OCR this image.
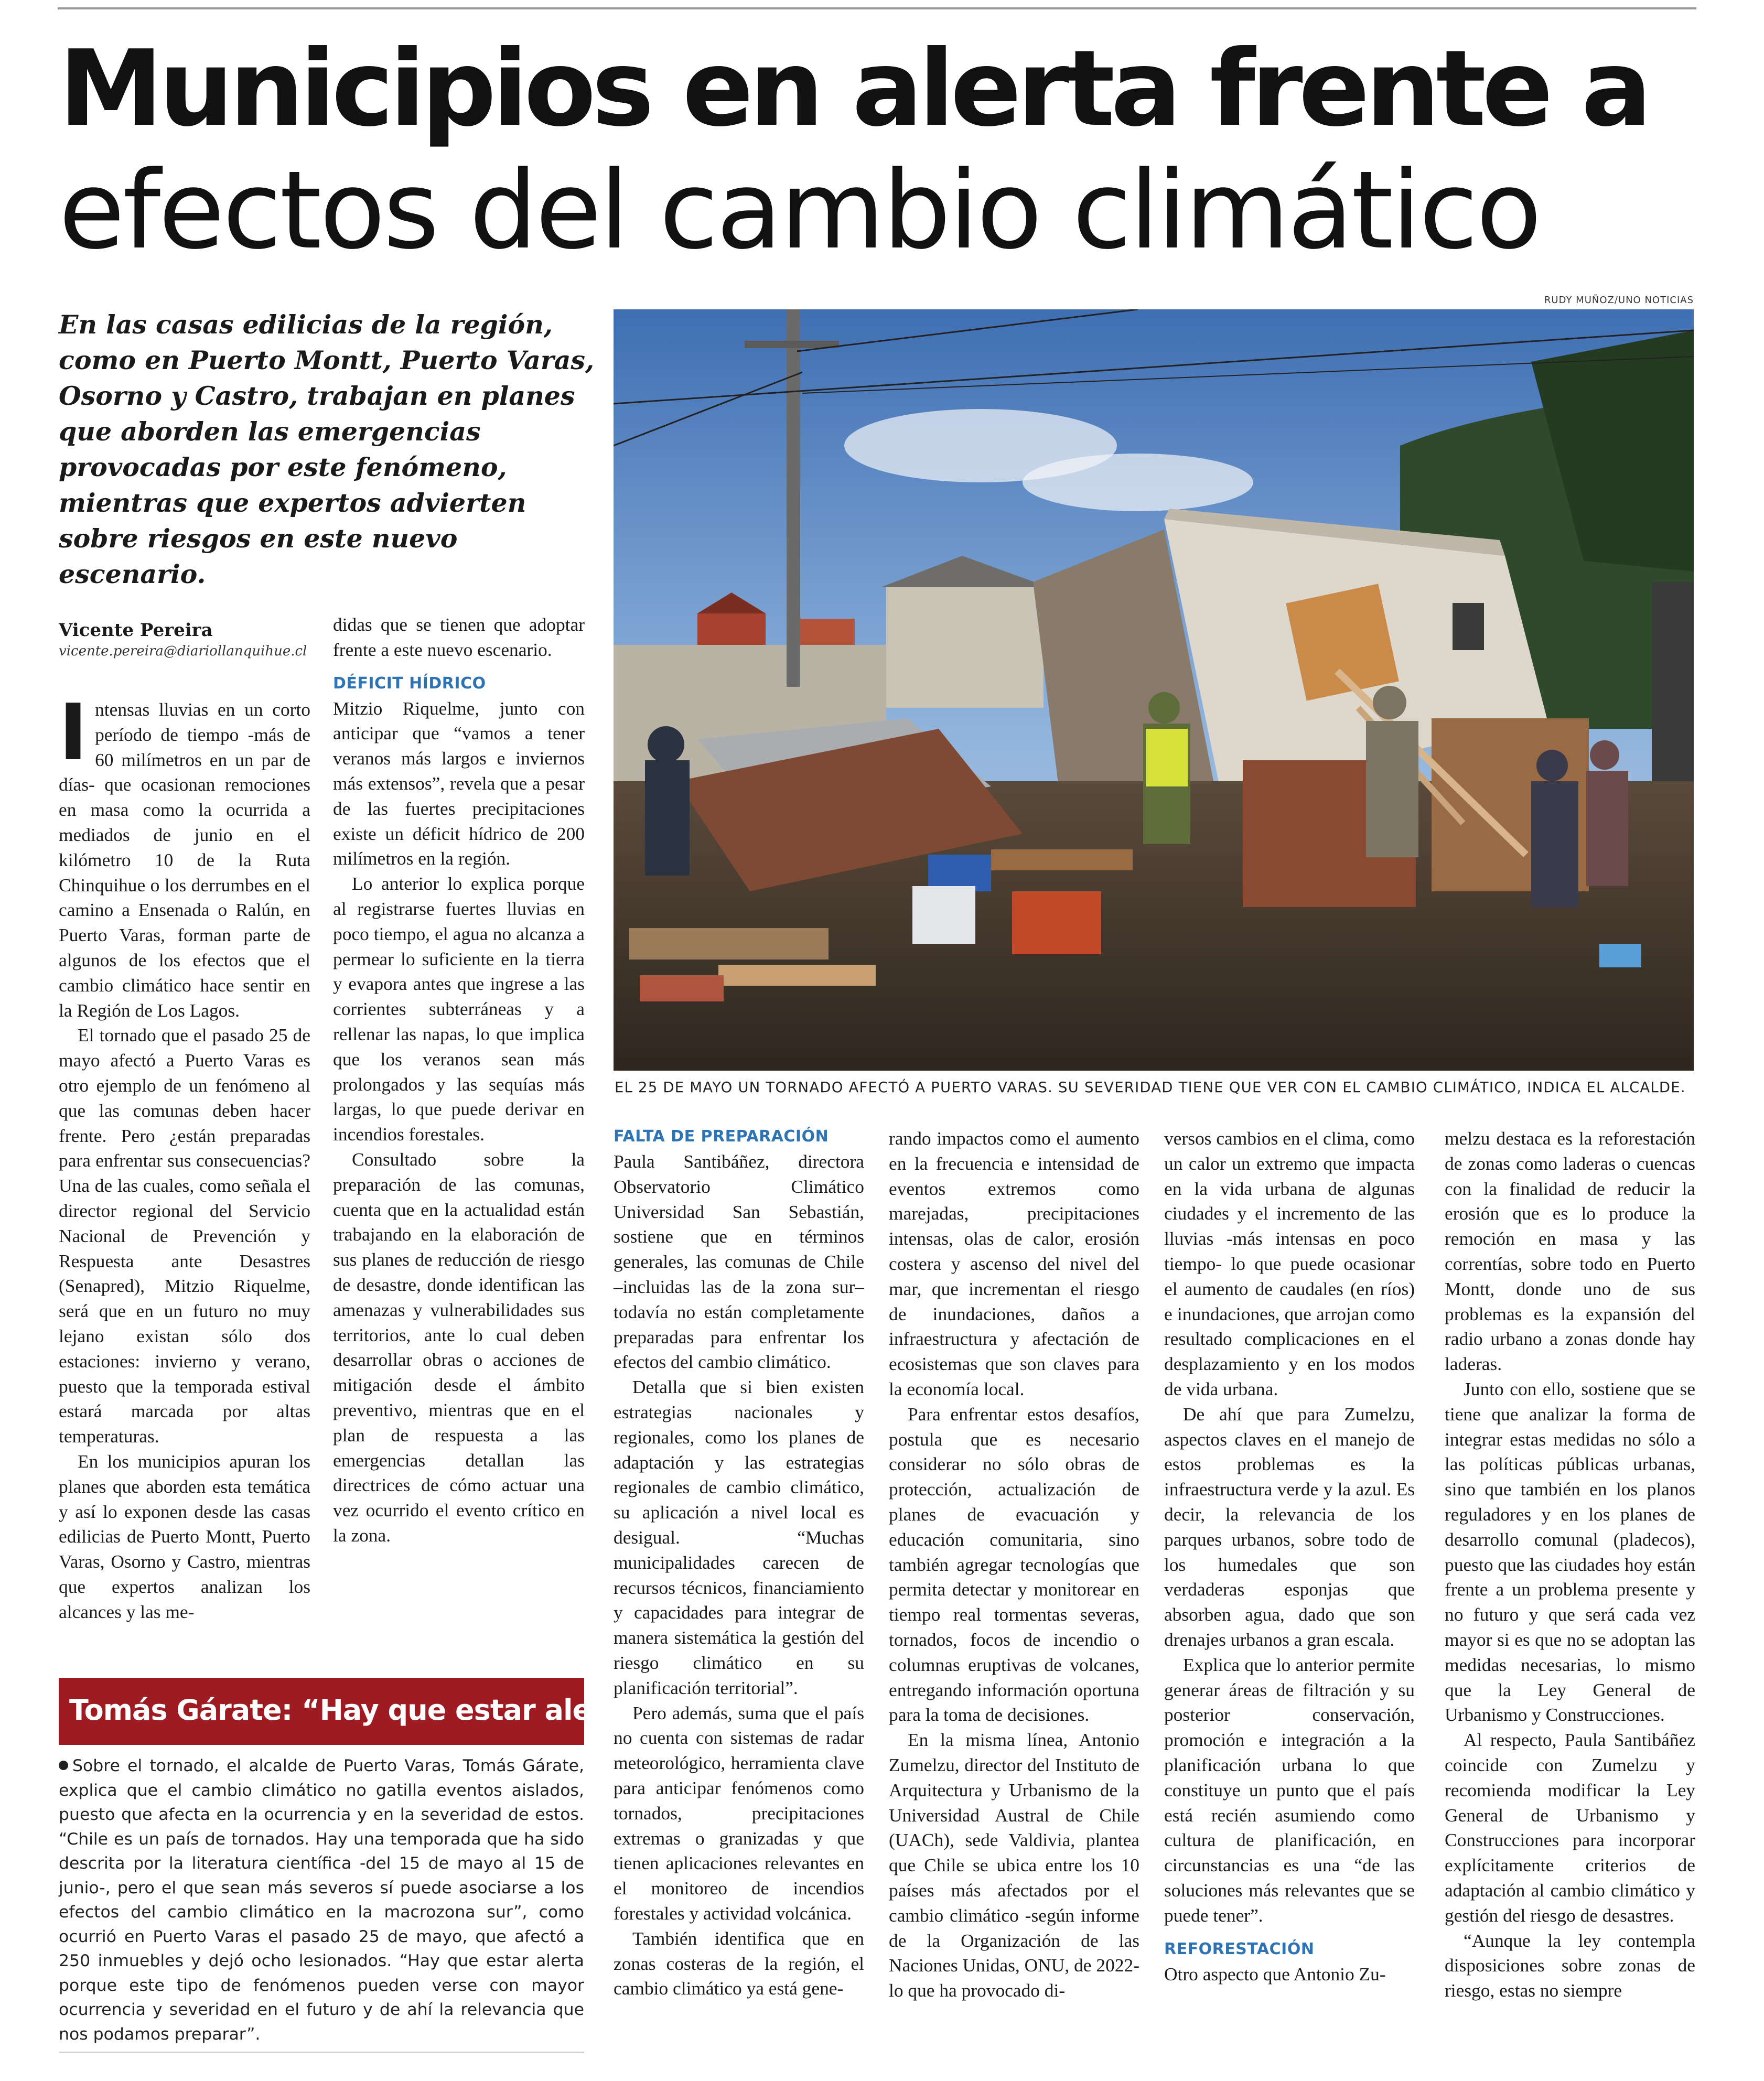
Municipios en alerta frente a
efectos del cambio climático

En las casas edilicias de la región, como en Puerto Montt, Puerto Varas, Osorno y Castro, trabajan en planes que aborden las emergencias provocadas por este fenómeno, mientras que expertos advierten sobre riesgos en este nuevo escenario.

Vicente Pereira
vicente.pereira@diariollanquihue.cl

Intensas lluvias en un corto período de tiempo -más de 60 milímetros en un par de días- que ocasionan remociones en masa como la ocurrida a mediados de junio en el kilómetro 10 de la Ruta Chinquihue o los derrumbes en el camino a Ensenada o Ralún, en Puerto Varas, forman parte de algunos de los efectos que el cambio climático hace sentir en la Región de Los Lagos.

El tornado que el pasado 25 de mayo afectó a Puerto Varas es otro ejemplo de un fenómeno al que las comunas deben hacer frente. Pero ¿están preparadas para enfrentar sus consecuencias? Una de las cuales, como señala el director regional del Servicio Nacional de Prevención y Respuesta ante Desastres (Senapred), Mitzio Riquelme, será que en un futuro no muy lejano existan sólo dos estaciones: invierno y verano, puesto que la temporada estival estará marcada por altas temperaturas.

En los municipios apuran los planes que aborden esta temática y así lo exponen desde las casas edilicias de Puerto Montt, Puerto Varas, Osorno y Castro, mientras que expertos analizan los alcances y las me-

didas que se tienen que adoptar frente a este nuevo escenario.

DÉFICIT HÍDRICO

Mitzio Riquelme, junto con anticipar que “vamos a tener veranos más largos e inviernos más extensos”, revela que a pesar de las fuertes precipitaciones existe un déficit hídrico de 200 milímetros en la región.

Lo anterior lo explica porque al registrarse fuertes lluvias en poco tiempo, el agua no alcanza a permear lo suficiente en la tierra y evapora antes que ingrese a las corrientes subterráneas y a rellenar las napas, lo que implica que los veranos sean más prolongados y las sequías más largas, lo que puede derivar en incendios forestales.

Consultado sobre la preparación de las comunas, cuenta que en la actualidad están trabajando en la elaboración de sus planes de reducción de riesgo de desastre, donde identifican las amenazas y vulnerabilidades sus territorios, ante lo cual deben desarrollar obras o acciones de mitigación desde el ámbito preventivo, mientras que en el plan de respuesta a las emergencias detallan las directrices de cómo actuar una vez ocurrido el evento crítico en la zona.

RUDY MUÑOZ/UNO NOTICIAS
EL 25 DE MAYO UN TORNADO AFECTÓ A PUERTO VARAS. SU SEVERIDAD TIENE QUE VER CON EL CAMBIO CLIMÁTICO, INDICA EL ALCALDE.
FALTA DE PREPARACIÓN

Paula Santibáñez, directora Observatorio Climático Universidad San Sebastián, sostiene que en términos generales, las comunas de Chile –incluidas las de la zona sur– todavía no están completamente preparadas para enfrentar los efectos del cambio climático.

Detalla que si bien existen estrategias nacionales y regionales, como los planes de adaptación y las estrategias regionales de cambio climático, su aplicación a nivel local es desigual. “Muchas municipalidades carecen de recursos técnicos, financiamiento y capacidades para integrar de manera sistemática la gestión del riesgo climático en su planificación territorial”.

Pero además, suma que el país no cuenta con sistemas de radar meteorológico, herramienta clave para anticipar fenómenos como tornados, precipitaciones extremas o granizadas y que tienen aplicaciones relevantes en el monitoreo de incendios forestales y actividad volcánica.

También identifica que en zonas costeras de la región, el cambio climático ya está gene-

rando impactos como el aumento en la frecuencia e intensidad de eventos extremos como marejadas, precipitaciones intensas, olas de calor, erosión costera y ascenso del nivel del mar, que incrementan el riesgo de inundaciones, daños a infraestructura y afectación de ecosistemas que son claves para la economía local.

Para enfrentar estos desafíos, postula que es necesario considerar no sólo obras de protección, actualización de planes de evacuación y educación comunitaria, sino también agregar tecnologías que permita detectar y monitorear en tiempo real tormentas severas, tornados, focos de incendio o columnas eruptivas de volcanes, entregando información oportuna para la toma de decisiones.

En la misma línea, Antonio Zumelzu, director del Instituto de Arquitectura y Urbanismo de la Universidad Austral de Chile (UACh), sede Valdivia, plantea que Chile se ubica entre los 10 países más afectados por el cambio climático -según informe de la Organización de las Naciones Unidas, ONU, de 2022- lo que ha provocado di-

versos cambios en el clima, como un calor un extremo que impacta en la vida urbana de algunas ciudades y el incremento de las lluvias -más intensas en poco tiempo- lo que puede ocasionar el aumento de caudales (en ríos) e inundaciones, que arrojan como resultado complicaciones en el desplazamiento y en los modos de vida urbana.

De ahí que para Zumelzu, aspectos claves en el manejo de estos problemas es la infraestructura verde y la azul. Es decir, la relevancia de los parques urbanos, sobre todo de los humedales que son verdaderas esponjas que absorben agua, dado que son drenajes urbanos a gran escala.

Explica que lo anterior permite generar áreas de filtración y su posterior conservación, promoción e integración a la planificación urbana lo que constituye un punto que el país está recién asumiendo como cultura de planificación, en circunstancias es una “de las soluciones más relevantes que se puede tener”.

REFORESTACIÓN

Otro aspecto que Antonio Zu-

melzu destaca es la reforestación de zonas como laderas o cuencas con la finalidad de reducir la erosión que es lo produce la remoción en masa y las correntías, sobre todo en Puerto Montt, donde uno de sus problemas es la expansión del radio urbano a zonas donde hay laderas.

Junto con ello, sostiene que se tiene que analizar la forma de integrar estas medidas no sólo a las políticas públicas urbanas, sino que también en los planos reguladores y en los planes de desarrollo comunal (pladecos), puesto que las ciudades hoy están frente a un problema presente y no futuro y que será cada vez mayor si es que no se adoptan las medidas necesarias, lo mismo que la Ley General de Urbanismo y Construcciones.

Al respecto, Paula Santibáñez coincide con Zumelzu y recomienda modificar la Ley General de Urbanismo y Construcciones para incorporar explícitamente criterios de adaptación al cambio climático y gestión del riesgo de desastres.

“Aunque la ley contempla disposiciones sobre zonas de riesgo, estas no siempre

Tomás Gárate: “Hay que estar alerta”

Sobre el tornado, el alcalde de Puerto Varas, Tomás Gárate, explica que el cambio climático no gatilla eventos aislados, puesto que afecta en la ocurrencia y en la severidad de estos. “Chile es un país de tornados. Hay una temporada que ha sido descrita por la literatura científica -del 15 de mayo al 15 de junio-, pero el que sean más severos sí puede asociarse a los efectos del cambio climático en la macrozona sur”, como ocurrió en Puerto Varas el pasado 25 de mayo, que afectó a 250 inmuebles y dejó ocho lesionados. “Hay que estar alerta porque este tipo de fenómenos pueden verse con mayor ocurrencia y severidad en el futuro y de ahí la relevancia que nos podamos preparar”.
